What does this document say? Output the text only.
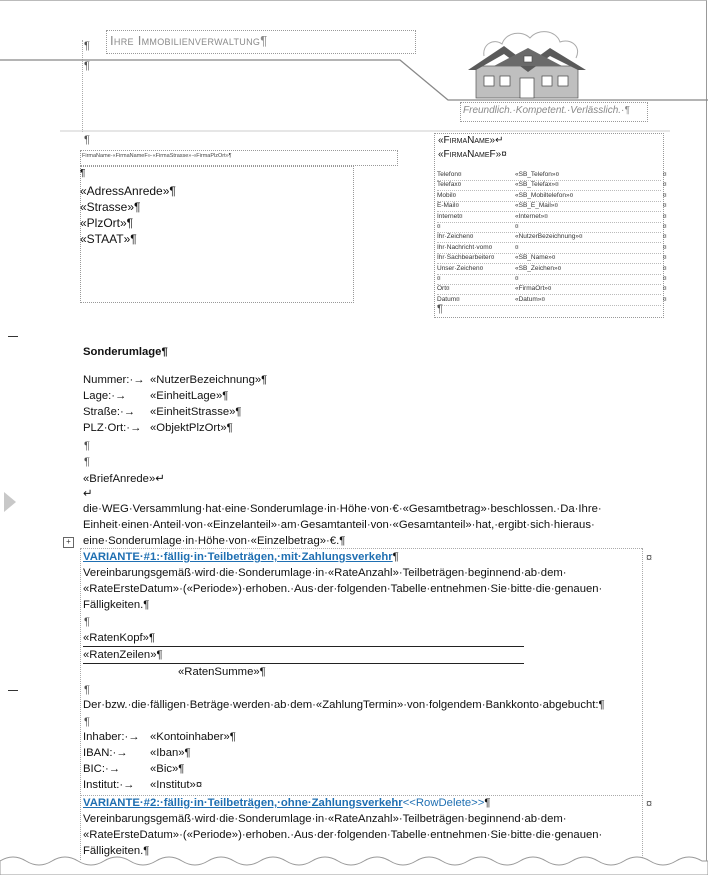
Ihre Immobilienverwaltung¶
¶
¶
Freundlich.·Kompetent.·Verlässlich.·¶
¶
FirmaName·«FirmaNameF»·«FirmaStrasse»·«FirmaPlzOrt»¶
¶
«AdressAnrede»¶
«Strasse»¶
«PlzOrt»¶
«STAAT»¶
«FirmaName»↵
«FirmaNameF»¤
Telefon¤	«SB_Telefon»¤	¤
Telefax¤	«SB_Telefax»¤	¤
Mobil¤	«SB_Mobiltelefon»¤	¤
E-Mail¤	«SB_E_Mail»¤	¤
Internet¤	«Internet»¤	¤
¤	¤	¤
Ihr·Zeichen¤	«NutzerBezeichnung»¤	¤
Ihr·Nachricht·vom¤	¤	¤
Ihr·Sachbearbeiter¤	«SB_Name»¤	¤
Unser·Zeichen¤	«SB_Zeichen»¤	¤
¤	¤	¤
Ort¤	«FirmaOrt»¤	¤
Datum¤	«Datum»¤	¤
¶
Sonderumlage¶
Nummer:·→ «NutzerBezeichnung»¶
Lage:·→ «EinheitLage»¶
Straße:·→ «EinheitStrasse»¶
PLZ·Ort:·→ «ObjektPlzOrt»¶
¶
¶
«BriefAnrede»↵
↵
die·WEG·Versammlung·hat·eine·Sonderumlage·in·Höhe·von·€·«Gesamtbetrag»·beschlossen.·Da·Ihre·
Einheit·einen·Anteil·von·«Einzelanteil»·am·Gesamtanteil·von·«Gesamtanteil»·hat,·ergibt·sich·hieraus·
eine·Sonderumlage·in·Höhe·von·«Einzelbetrag»·€.¶
+
¤
¤
VARIANTE·#1:·fällig·in·Teilbeträgen,·mit·Zahlungsverkehr¶
Vereinbarungsgemäß·wird·die·Sonderumlage·in·«RateAnzahl»·Teilbeträgen·beginnend·ab·dem·
«RateErsteDatum»·(«Periode»)·erhoben.·Aus·der·folgenden·Tabelle·entnehmen·Sie·bitte·die·genauen·
Fälligkeiten.¶
¶
«RatenKopf»¶
«RatenZeilen»¶
«RatenSumme»¶
¶
Der·bzw.·die·fälligen·Beträge·werden·ab·dem·«ZahlungTermin»·von·folgendem·Bankkonto·abgebucht:¶
¶
Inhaber:·→ «Kontoinhaber»¶
IBAN:·→ «Iban»¶
BIC:·→	«Bic»¶
Institut:·→ «Institut»¤
VARIANTE·#2:·fällig·in·Teilbeträgen,·ohne·Zahlungsverkehr<<RowDelete>>¶
Vereinbarungsgemäß·wird·die·Sonderumlage·in·«RateAnzahl»·Teilbeträgen·beginnend·ab·dem·
«RateErsteDatum»·(«Periode»)·erhoben.·Aus·der·folgenden·Tabelle·entnehmen·Sie·bitte·die·genauen·
Fälligkeiten.¶
